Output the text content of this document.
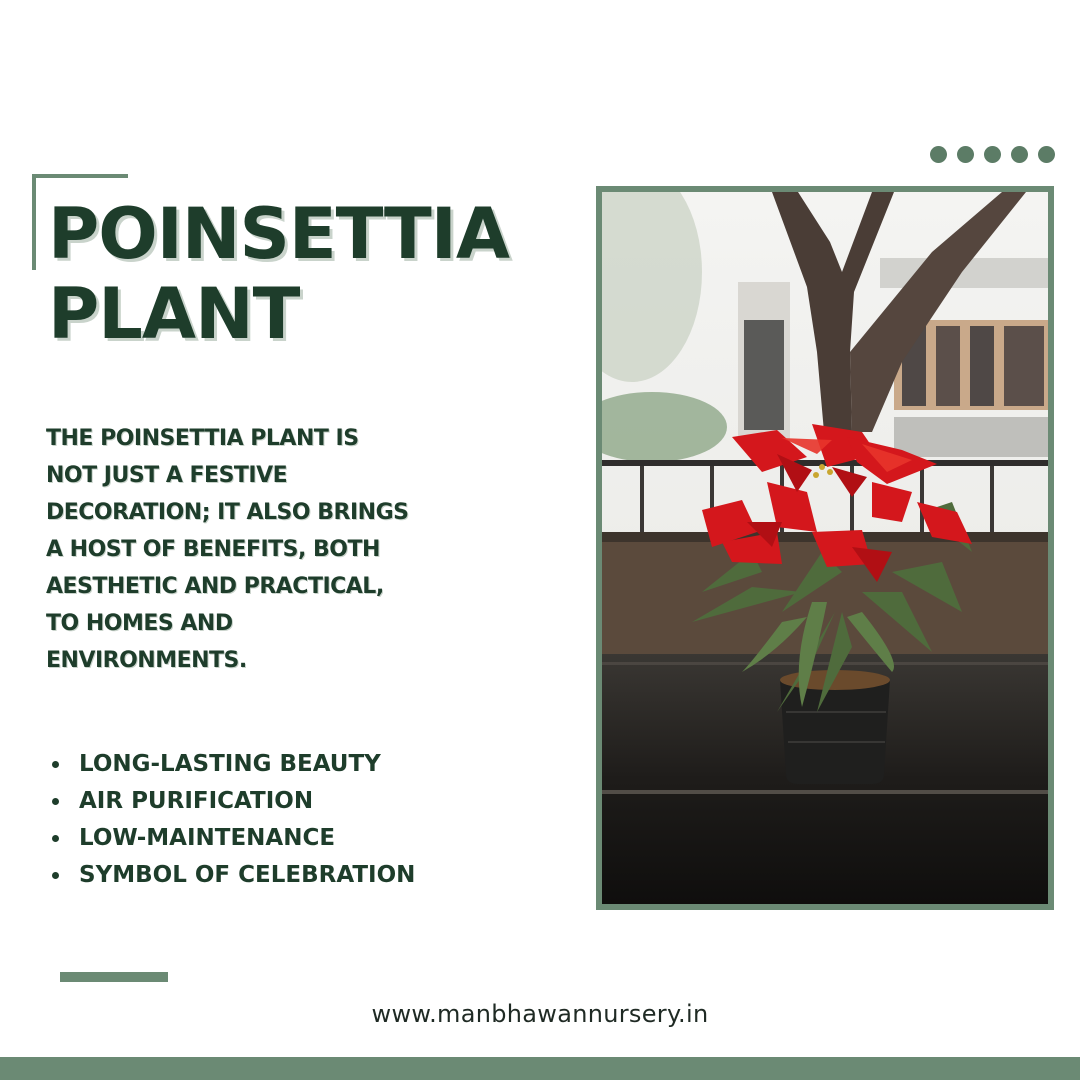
POINSETTIA
PLANT

THE POINSETTIA PLANT IS
NOT JUST A FESTIVE
DECORATION; IT ALSO BRINGS
A HOST OF BENEFITS, BOTH
AESTHETIC AND PRACTICAL,
TO HOMES AND
ENVIRONMENTS.

LONG-LASTING BEAUTY
AIR PURIFICATION
LOW-MAINTENANCE
SYMBOL OF CELEBRATION
www.manbhawannursery.in
